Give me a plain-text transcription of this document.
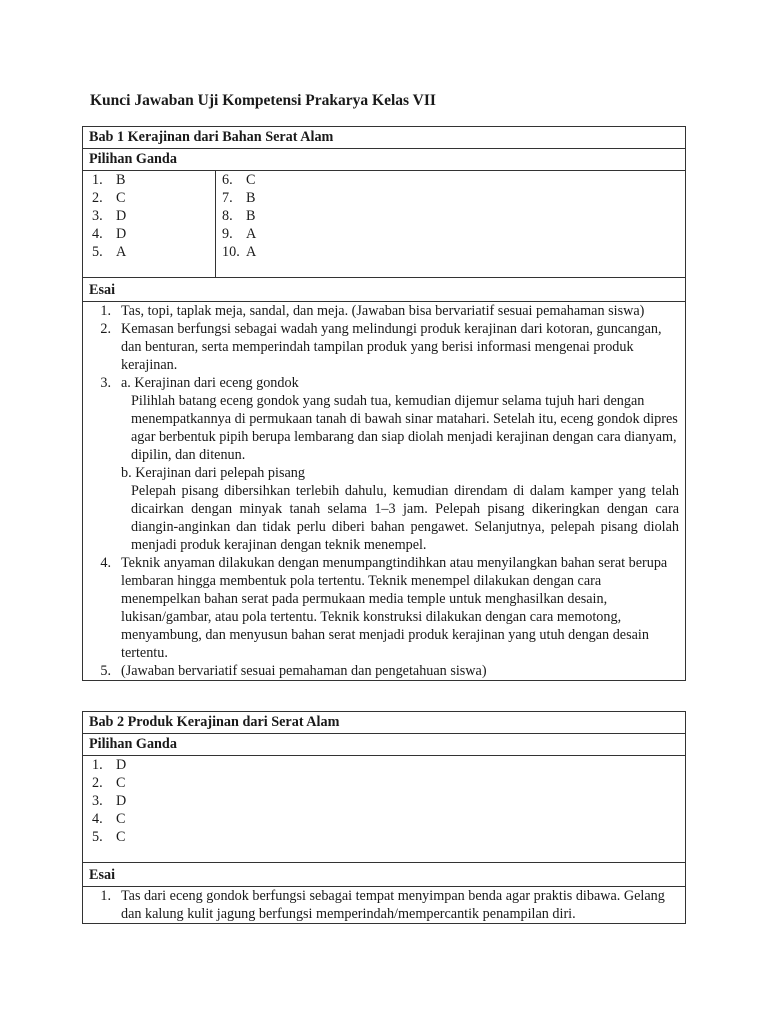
Kunci Jawaban Uji Kompetensi Prakarya Kelas VII
Bab 1 Kerajinan dari Bahan Serat Alam
Pilihan Ganda

1. B
2. C
3. D
4. D
5. A

6. C
7. B
8. B
9. A
10. A

Esai

1. Tas, topi, taplak meja, sandal, dan meja. (Jawaban bisa bervariatif sesuai pemahaman siswa)
2. Kemasan berfungsi sebagai wadah yang melindungi produk kerajinan dari kotoran, guncangan, dan benturan, serta memperindah tampilan produk yang berisi informasi mengenai produk kerajinan.
3. a. Kerajinan dari eceng gondok
Pilihlah batang eceng gondok yang sudah tua, kemudian dijemur selama tujuh hari dengan menempatkannya di permukaan tanah di bawah sinar matahari. Setelah itu, eceng gondok dipres agar berbentuk pipih berupa lembarang dan siap diolah menjadi kerajinan dengan cara dianyam, dipilin, dan ditenun.
b. Kerajinan dari pelepah pisang
Pelepah pisang dibersihkan terlebih dahulu, kemudian direndam di dalam kamper yang telah dicairkan dengan minyak tanah selama 1–3 jam. Pelepah pisang dikeringkan dengan cara diangin-anginkan dan tidak perlu diberi bahan pengawet. Selanjutnya, pelepah pisang diolah menjadi produk kerajinan dengan teknik menempel.
4. Teknik anyaman dilakukan dengan menumpangtindihkan atau menyilangkan bahan serat berupa lembaran hingga membentuk pola tertentu. Teknik menempel dilakukan dengan cara menempelkan bahan serat pada permukaan media temple untuk menghasilkan desain, lukisan/gambar, atau pola tertentu. Teknik konstruksi dilakukan dengan cara memotong, menyambung, dan menyusun bahan serat menjadi produk kerajinan yang utuh dengan desain tertentu.
5. (Jawaban bervariatif sesuai pemahaman dan pengetahuan siswa)
Bab 2 Produk Kerajinan dari Serat Alam
Pilihan Ganda

1. D
2. C
3. D
4. C
5. C

Esai

1. Tas dari eceng gondok berfungsi sebagai tempat menyimpan benda agar praktis dibawa. Gelang dan kalung kulit jagung berfungsi memperindah/mempercantik penampilan diri.
